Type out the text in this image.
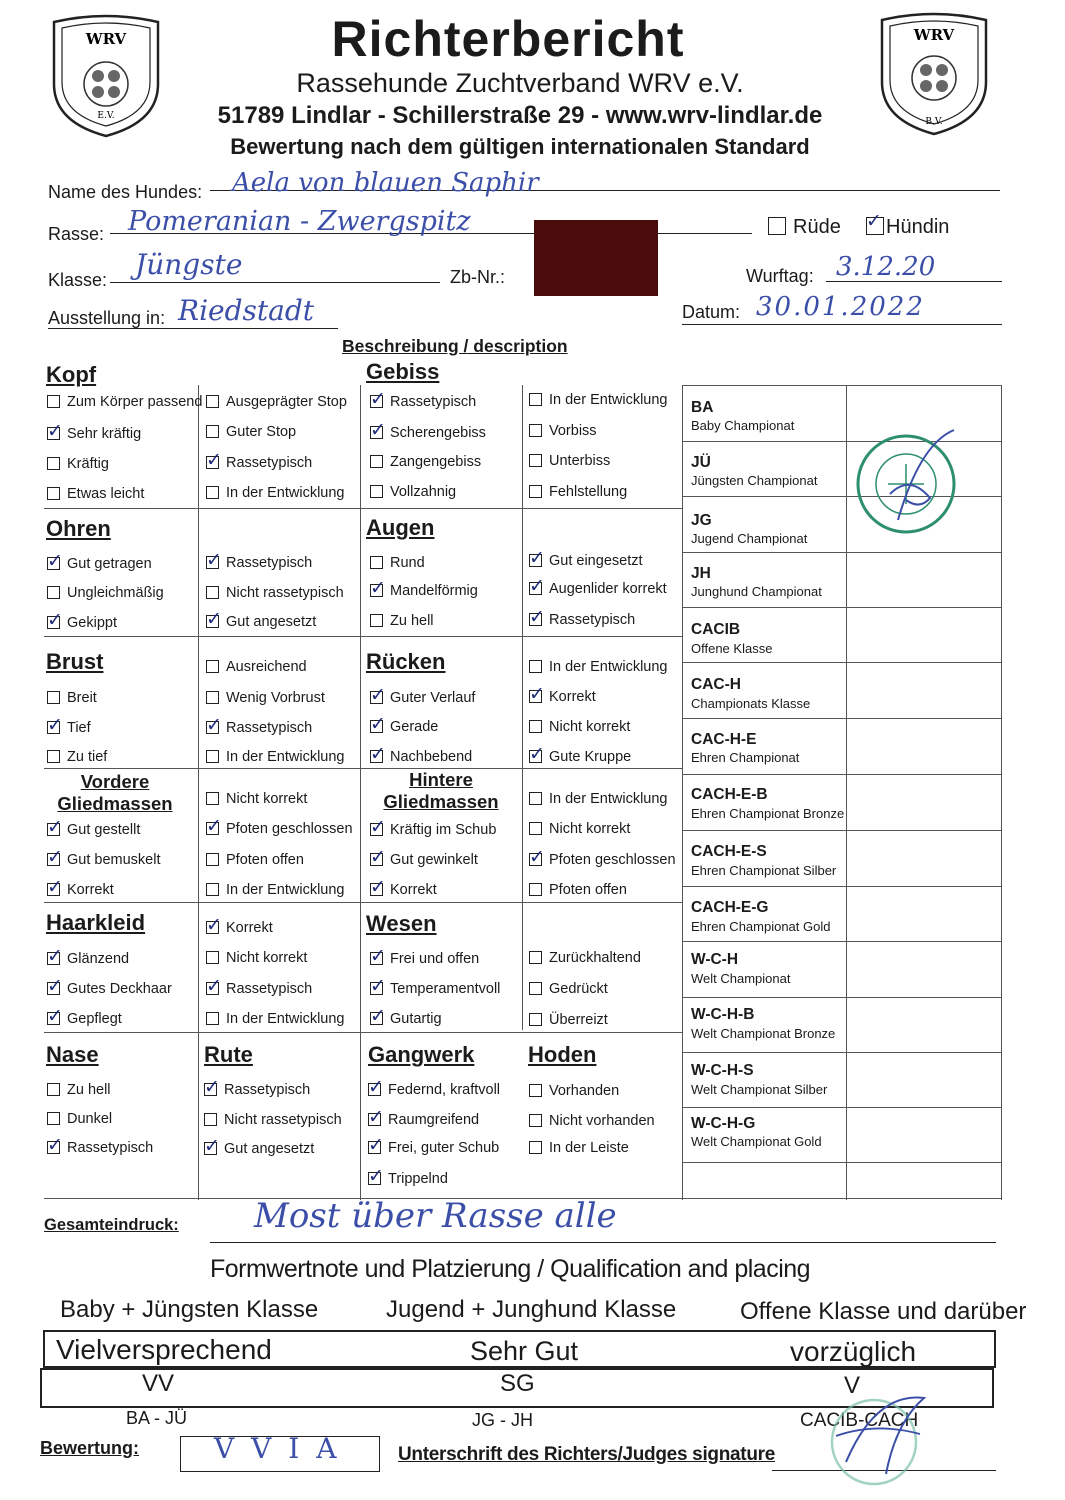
WRV
E.V.
WRV
B.V.
Richterbericht
Rassehunde Zuchtverband WRV e.V.
51789 Lindlar - Schillerstraße 29 - www.wrv-lindlar.de
Bewertung nach dem gültigen internationalen Standard
Name des Hundes: Aela von blauen Saphir
Rasse: Pomeranian - Zwergspitz	Rüde
✓	Hündin
Klasse: Jüngste	Zb-Nr.:	Wurftag: 3.12.20
Ausstellung in: Riedstadt	Datum: 30.01.2022
Beschreibung / description
Kopf	Gebiss
Ohren	Augen
Brust	Rücken
Vordere Gliedmassen
Hintere Gliedmassen
Haarkleid	Wesen
Nase	Rute	Gangwerk Hoden
Zum Körper passend
✓Sehr kräftig
Kräftig
Etwas leicht
Ausgeprägter Stop
Guter Stop
✓Rassetypisch
In der Entwicklung
✓Rassetypisch
✓Scherengebiss
Zangengebiss
Vollzahnig
In der Entwicklung
Vorbiss
Unterbiss
Fehlstellung
✓Gut getragen
Ungleichmäßig
✓Gekippt
✓Rassetypisch
Nicht rassetypisch
✓Gut angesetzt
Rund
✓Mandelförmig
Zu hell
✓Gut eingesetzt
✓Augenlider korrekt
✓Rassetypisch
Breit
✓Tief
Zu tief
Ausreichend
Wenig Vorbrust
✓Rassetypisch
In der Entwicklung
✓Guter Verlauf
✓Gerade
✓Nachbebend
In der Entwicklung
✓Korrekt
Nicht korrekt
✓Gute Kruppe
✓Gut gestellt
✓Gut bemuskelt
✓Korrekt
Nicht korrekt
✓Pfoten geschlossen
Pfoten offen
In der Entwicklung
✓Kräftig im Schub
✓Gut gewinkelt
✓Korrekt
In der Entwicklung
Nicht korrekt
✓Pfoten geschlossen
Pfoten offen
✓Glänzend
✓Gutes Deckhaar
✓Gepflegt
✓Korrekt
Nicht korrekt
✓Rassetypisch
In der Entwicklung
✓Frei und offen
✓Temperamentvoll
✓Gutartig
Zurückhaltend
Gedrückt
Überreizt
Zu hell
Dunkel
✓Rassetypisch
✓Rassetypisch
Nicht rassetypisch
✓Gut angesetzt
✓Federnd, kraftvoll
✓Raumgreifend
✓Frei, guter Schub
✓Trippelnd
Vorhanden
Nicht vorhanden
In der Leiste
BA
Baby Championat
JÜ
Jüngsten Championat
JG
Jugend Championat
JH
Junghund Championat
CACIB
Offene Klasse
CAC-H
Championats Klasse
CAC-H-E
Ehren Championat
CACH-E-B
Ehren Championat Bronze
CACH-E-S
Ehren Championat Silber
CACH-E-G
Ehren Championat Gold
W-C-H
Welt Championat
W-C-H-B
Welt Championat Bronze
W-C-H-S
Welt Championat Silber
W-C-H-G
Welt Championat Gold
Gesamteindruck: Most über Rasse alle
Formwertnote und Platzierung / Qualification and placing
Baby + Jüngsten Klasse	Jugend + Junghund Klasse	Offene Klasse und darüber
Vielversprechend	Sehr Gut	vorzüglich
VV	SG	V
BA - JÜ	JG - JH	CACIB-CACH
Bewertung:	V V I A	Unterschrift des Richters/Judges signature
